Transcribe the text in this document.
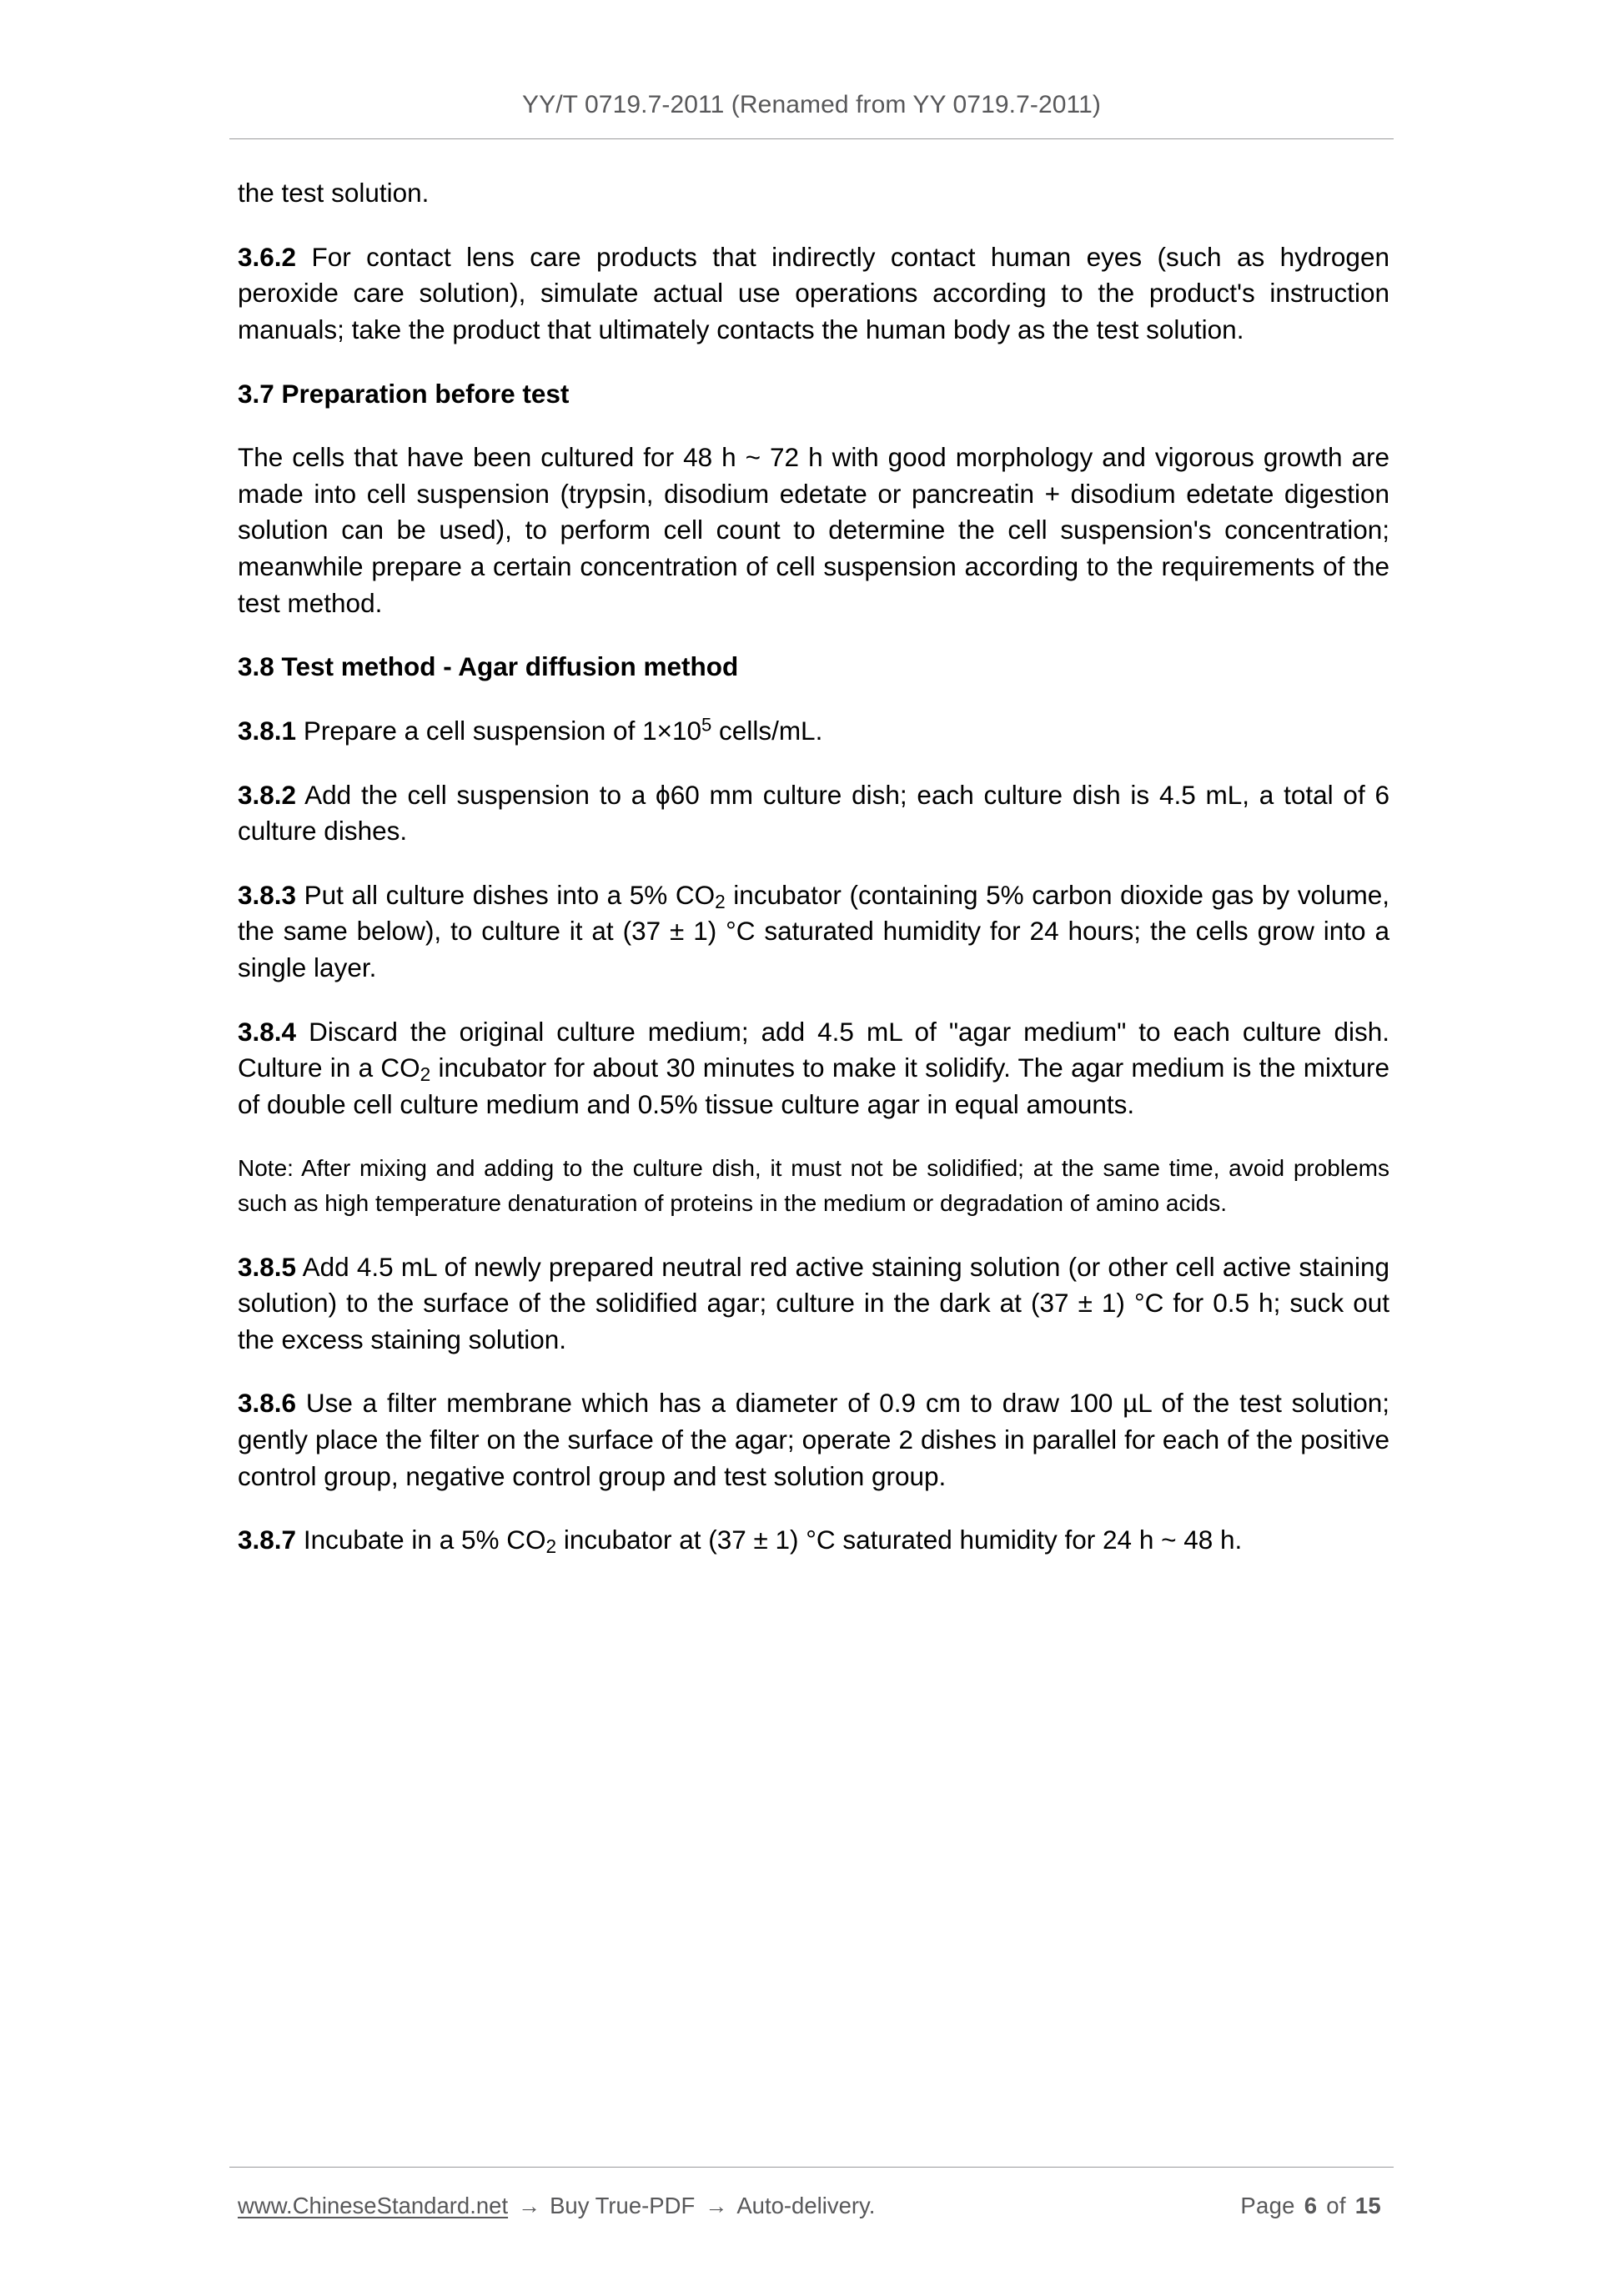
YY/T 0719.7-2011 (Renamed from YY 0719.7-2011)

the test solution.

3.6.2 For contact lens care products that indirectly contact human eyes (such as hydrogen peroxide care solution), simulate actual use operations according to the product's instruction manuals; take the product that ultimately contacts the human body as the test solution.

3.7 Preparation before test

The cells that have been cultured for 48 h ~ 72 h with good morphology and vigorous growth are made into cell suspension (trypsin, disodium edetate or pancreatin + disodium edetate digestion solution can be used), to perform cell count to determine the cell suspension's concentration; meanwhile prepare a certain concentration of cell suspension according to the requirements of the test method.

3.8 Test method - Agar diffusion method

3.8.1 Prepare a cell suspension of $1\times 10^5$ cells/mL.

3.8.2 Add the cell suspension to a ϕ60 mm culture dish; each culture dish is 4.5 mL, a total of 6 culture dishes.

3.8.3 Put all culture dishes into a 5% $CO_2$ incubator (containing 5% carbon dioxide gas by volume, the same below), to culture it at (37 ± 1) °C saturated humidity for 24 hours; the cells grow into a single layer.

3.8.4 Discard the original culture medium; add 4.5 mL of "agar medium" to each culture dish. Culture in a $CO_2$ incubator for about 30 minutes to make it solidify. The agar medium is the mixture of double cell culture medium and 0.5% tissue culture agar in equal amounts.

Note: After mixing and adding to the culture dish, it must not be solidified; at the same time, avoid problems such as high temperature denaturation of proteins in the medium or degradation of amino acids.

3.8.5 Add 4.5 mL of newly prepared neutral red active staining solution (or other cell active staining solution) to the surface of the solidified agar; culture in the dark at (37 ± 1) °C for 0.5 h; suck out the excess staining solution.

3.8.6 Use a filter membrane which has a diameter of 0.9 cm to draw 100 µL of the test solution; gently place the filter on the surface of the agar; operate 2 dishes in parallel for each of the positive control group, negative control group and test solution group.

3.8.7 Incubate in a 5% $CO_2$ incubator at (37 ± 1) °C saturated humidity for 24 h ~ 48 h.

www.ChineseStandard.net → Buy True-PDF → Auto-delivery.	Page 6 of 15
